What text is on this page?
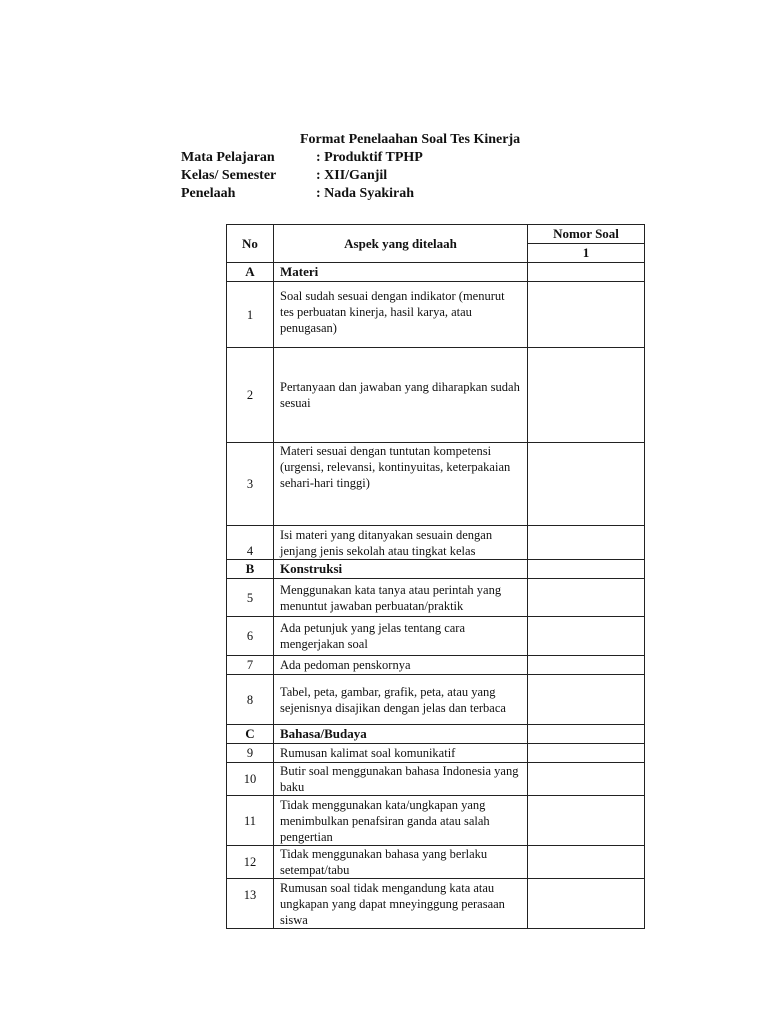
Format Penelaahan Soal Tes Kinerja
Mata Pelajaran	: Produktif TPHP
Kelas/ Semester	: XII/Ganjil
Penelaah	: Nada Syakirah
No	Aspek yang ditelaah	Nomor Soal
		1
A	Materi	
1	Soal sudah sesuai dengan indikator (menurut tes perbuatan kinerja, hasil karya, atau penugasan)	
2	Pertanyaan dan jawaban yang diharapkan sudah sesuai	
3	Materi sesuai dengan tuntutan kompetensi (urgensi, relevansi, kontinyuitas, keterpakaian sehari-hari tinggi)	
4	Isi materi yang ditanyakan sesuain dengan jenjang jenis sekolah atau tingkat kelas	
B	Konstruksi	
5	Menggunakan kata tanya atau perintah yang menuntut jawaban perbuatan/praktik	
6	Ada petunjuk yang jelas tentang cara mengerjakan soal	
7	Ada pedoman penskornya	
8	Tabel, peta, gambar, grafik, peta, atau yang sejenisnya disajikan dengan jelas dan terbaca	
C	Bahasa/Budaya	
9	Rumusan kalimat soal komunikatif	
10	Butir soal menggunakan bahasa Indonesia yang baku	
11	Tidak menggunakan kata/ungkapan yang menimbulkan penafsiran ganda atau salah pengertian	
12	Tidak menggunakan bahasa yang berlaku setempat/tabu	
13	Rumusan soal tidak mengandung kata atau ungkapan yang dapat mneyinggung perasaan siswa	
